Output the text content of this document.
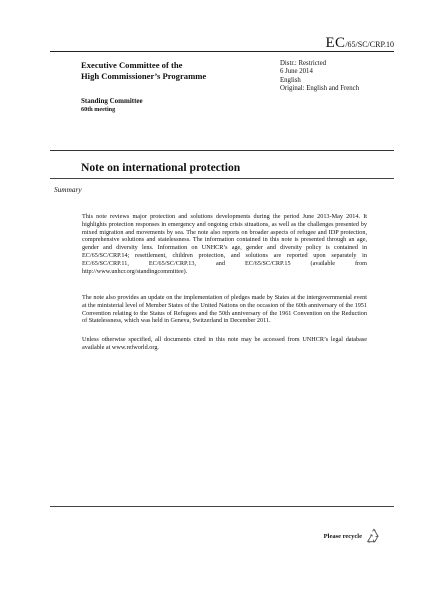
EC/65/SC/CRP.10
Executive Committee of the
High Commissioner’s Programme
Distr.: Restricted
6 June 2014
English
Original: English and French
Standing Committee
60th meeting
Note on international protection
Summary

This note reviews major protection and solutions developments during the period June 2013-May 2014. It highlights protection responses in emergency and ongoing crisis situations, as well as the challenges presented by mixed migration and movements by sea. The note also reports on broader aspects of refugee and IDP protection, comprehensive solutions and statelessness. The information contained in this note is presented through an age, gender and diversity lens. Information on UNHCR’s age, gender and diversity policy is contained in EC/65/SC/CRP.14; resettlement, children protection, and solutions are reported upon separately in EC/65/SC/CRP.11, EC/65/SC/CRP.13, and EC/65/SC/CRP.15 (available from http://www.unhcr.org/standingcommittee).

The note also provides an update on the implementation of pledges made by States at the intergovernmental event at the ministerial level of Member States of the United Nations on the occasion of the 60th anniversary of the 1951 Convention relating to the Status of Refugees and the 50th anniversary of the 1961 Convention on the Reduction of Statelessness, which was held in Geneva, Switzerland in December 2011.

Unless otherwise specified, all documents cited in this note may be accessed from UNHCR’s legal database available at www.refworld.org.

Please recycle
